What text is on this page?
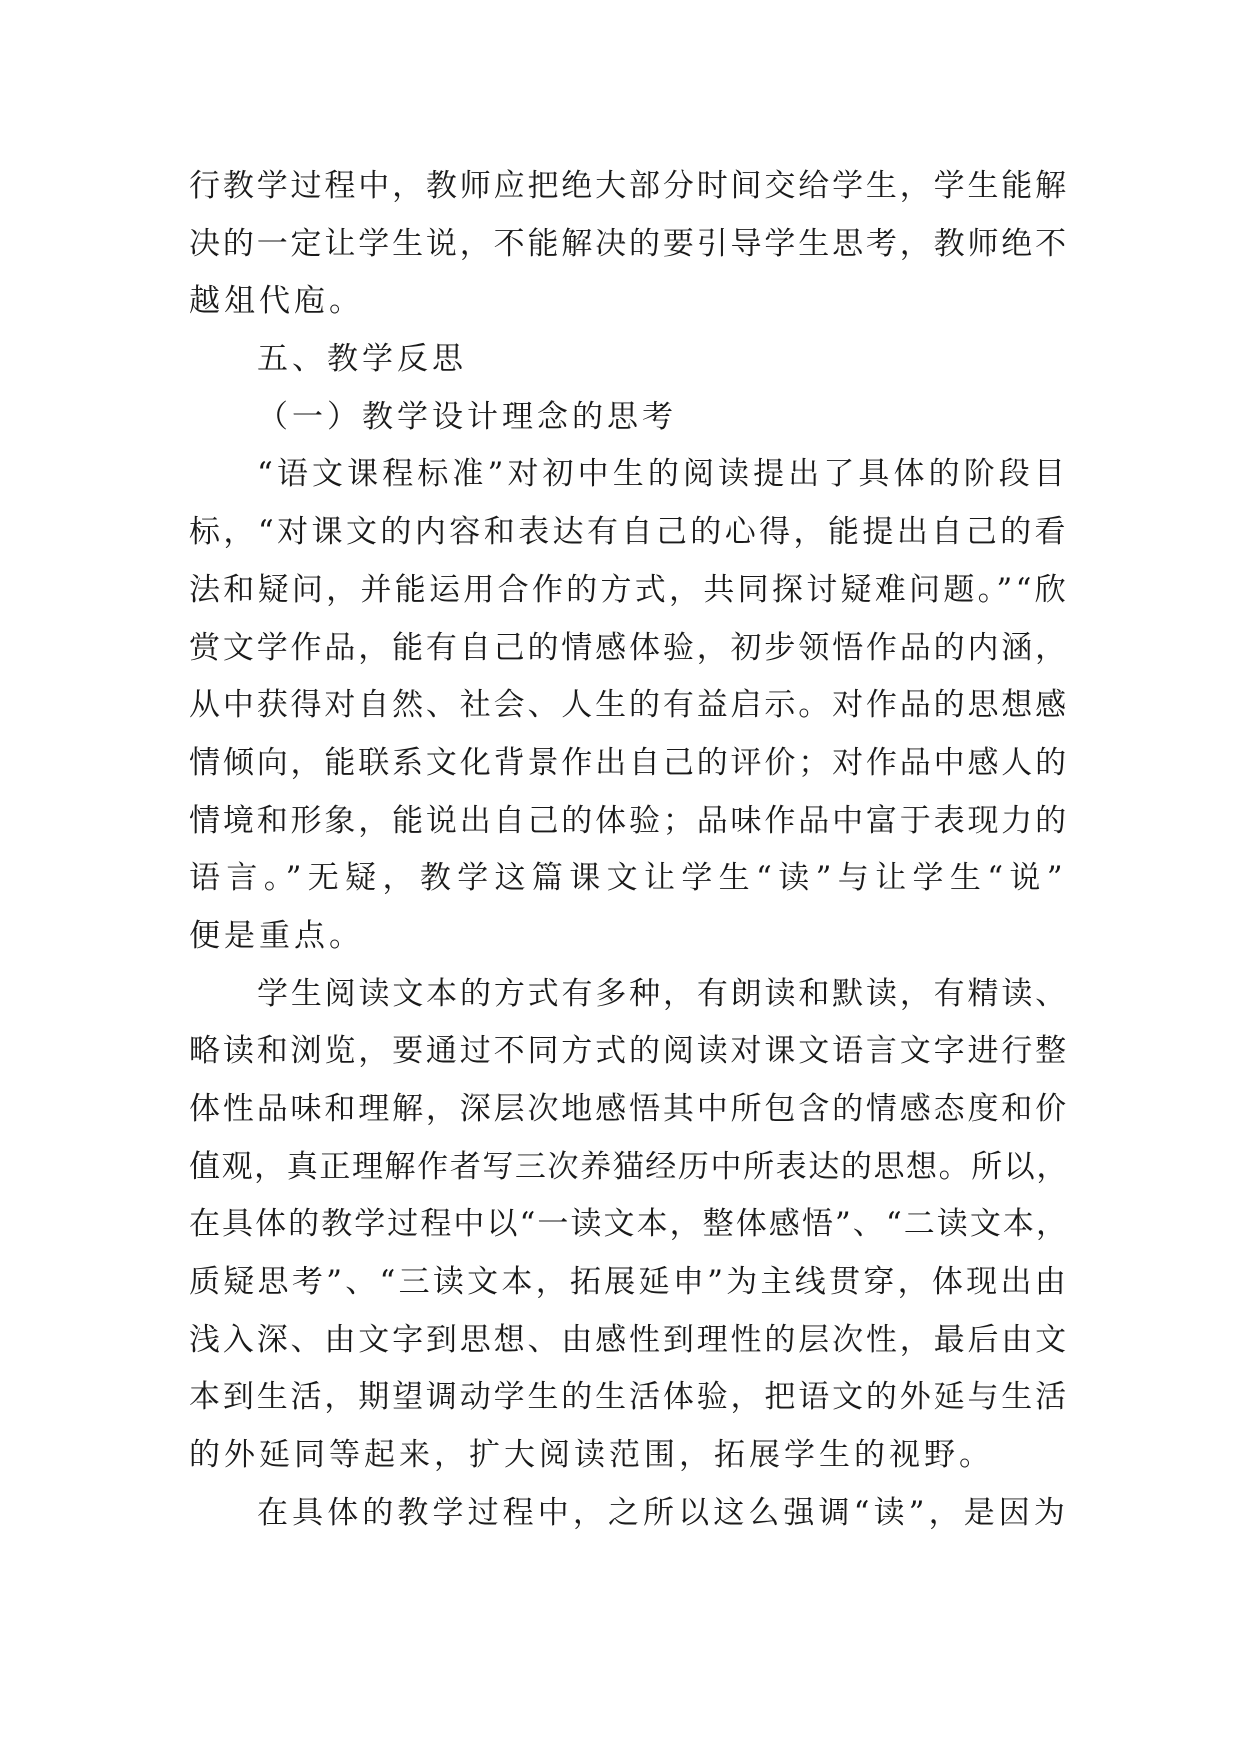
行教学过程中，教师应把绝大部分时间交给学生，学生能解
决的一定让学生说，不能解决的要引导学生思考，教师绝不
越俎代庖。
五、教学反思
（一）教学设计理念的思考
“语文课程标准”对初中生的阅读提出了具体的阶段目
标，“对课文的内容和表达有自己的心得，能提出自己的看
法和疑问，并能运用合作的方式，共同探讨疑难问题。”“欣
赏文学作品，能有自己的情感体验，初步领悟作品的内涵，
从中获得对自然、社会、人生的有益启示。对作品的思想感
情倾向，能联系文化背景作出自己的评价；对作品中感人的
情境和形象，能说出自己的体验；品味作品中富于表现力的
语言。”无疑，教学这篇课文让学生“读”与让学生“说”
便是重点。
学生阅读文本的方式有多种，有朗读和默读，有精读、
略读和浏览，要通过不同方式的阅读对课文语言文字进行整
体性品味和理解，深层次地感悟其中所包含的情感态度和价
值观，真正理解作者写三次养猫经历中所表达的思想。所以，
在具体的教学过程中以“一读文本，整体感悟”、“二读文本，
质疑思考”、“三读文本，拓展延申”为主线贯穿，体现出由
浅入深、由文字到思想、由感性到理性的层次性，最后由文
本到生活，期望调动学生的生活体验，把语文的外延与生活
的外延同等起来，扩大阅读范围，拓展学生的视野。
在具体的教学过程中，之所以这么强调“读”，是因为
